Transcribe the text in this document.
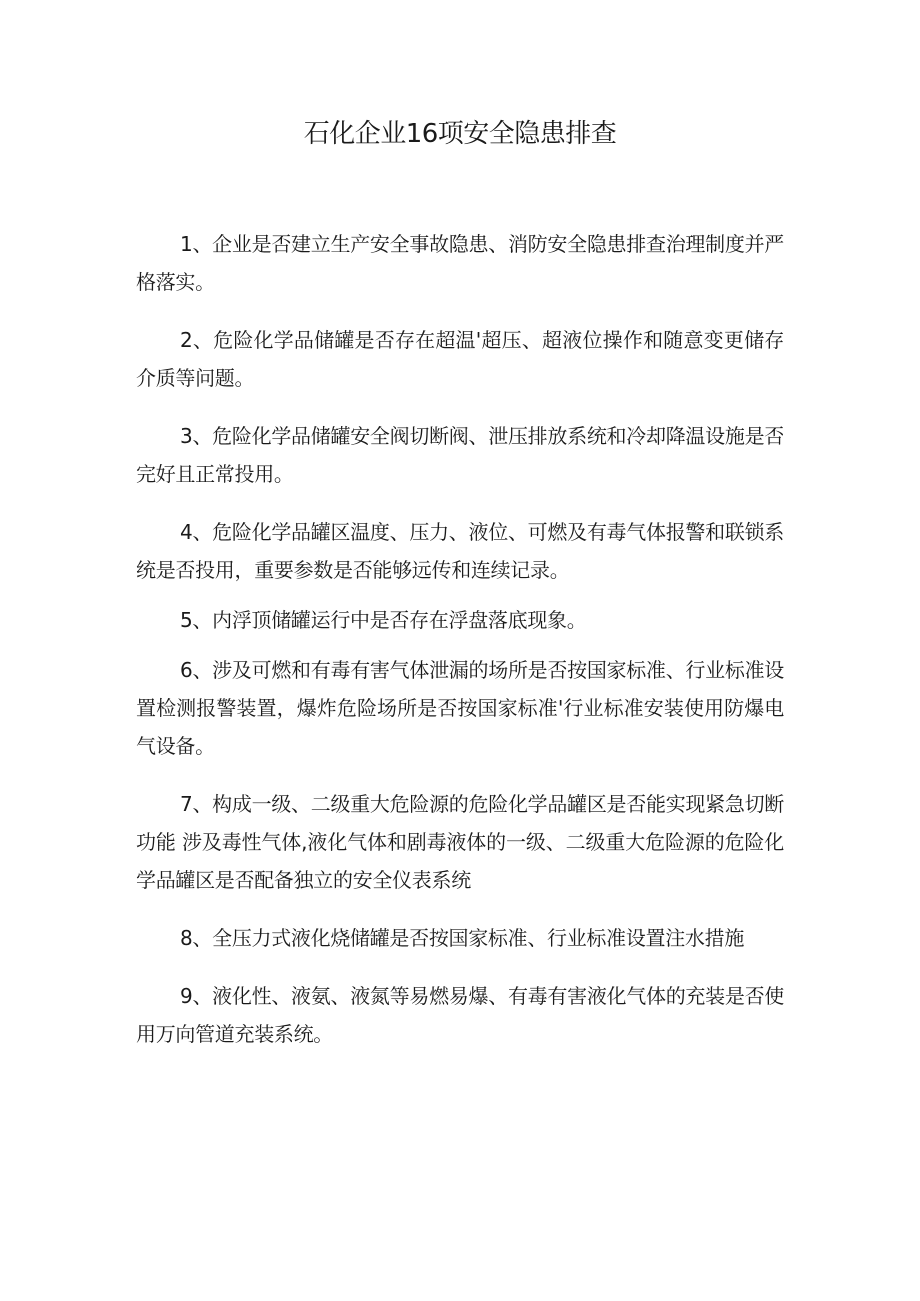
石化企业16项安全隐患排查

1、企业是否建立生产安全事故隐患、消防安全隐患排查治理制度并严格落实。

2、危险化学品储罐是否存在超温'超压、超液位操作和随意变更储存介质等问题。

3、危险化学品储罐安全阀切断阀、泄压排放系统和冷却降温设施是否完好且正常投用。

4、危险化学品罐区温度、压力、液位、可燃及有毒气体报警和联锁系统是否投用，重要参数是否能够远传和连续记录。

5、内浮顶储罐运行中是否存在浮盘落底现象。

6、涉及可燃和有毒有害气体泄漏的场所是否按国家标准、行业标准设置检测报警装置，爆炸危险场所是否按国家标准'行业标准安装使用防爆电气设备。

7、构成一级、二级重大危险源的危险化学品罐区是否能实现紧急切断功能 涉及毒性气体,液化气体和剧毒液体的一级、二级重大危险源的危险化学品罐区是否配备独立的安全仪表系统

8、全压力式液化烧储罐是否按国家标准、行业标准设置注水措施

9、液化性、液氨、液氮等易燃易爆、有毒有害液化气体的充装是否使用万向管道充装系统。
